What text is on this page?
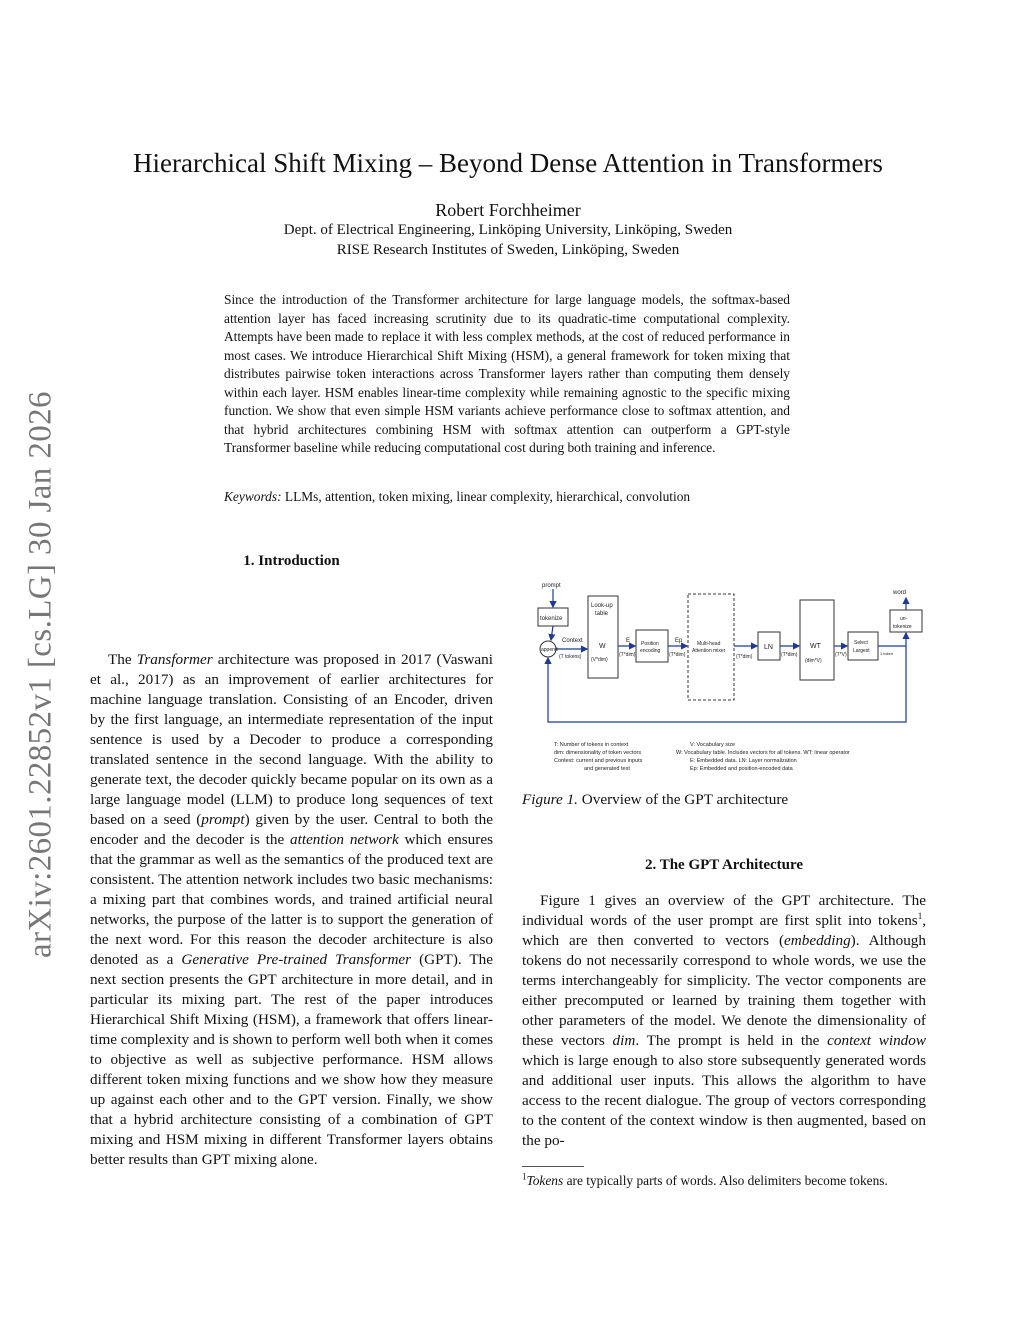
arXiv:2601.22852v1 [cs.LG] 30 Jan 2026
Hierarchical Shift Mixing – Beyond Dense Attention in Transformers
Robert Forchheimer
Dept. of Electrical Engineering, Linköping University, Linköping, Sweden
RISE Research Institutes of Sweden, Linköping, Sweden
Since the introduction of the Transformer architecture for large language models, the softmax-based attention layer has faced increasing scrutinity due to its quadratic-time computational complexity. Attempts have been made to replace it with less complex methods, at the cost of reduced performance in most cases. We introduce Hierarchical Shift Mixing (HSM), a general framework for token mixing that distributes pairwise token interactions across Transformer layers rather than computing them densely within each layer. HSM enables linear-time complexity while remaining agnostic to the specific mixing function. We show that even simple HSM variants achieve performance close to softmax attention, and that hybrid architectures combining HSM with softmax attention can outperform a GPT-style Transformer baseline while reducing computational cost during both training and inference.
Keywords: LLMs, attention, token mixing, linear complexity, hierarchical, convolution
1. Introduction

The Transformer architecture was proposed in 2017 (Vaswani et al., 2017) as an improvement of earlier architectures for machine language translation. Consisting of an Encoder, driven by the first language, an intermediate representation of the input sentence is used by a Decoder to produce a corresponding translated sentence in the second language. With the ability to generate text, the decoder quickly became popular on its own as a large language model (LLM) to produce long sequences of text based on a seed (prompt) given by the user. Central to both the encoder and the decoder is the attention network which ensures that the grammar as well as the semantics of the produced text are consistent. The attention network includes two basic mechanisms: a mixing part that combines words, and trained artificial neural networks, the purpose of the latter is to support the generation of the next word. For this reason the decoder architecture is also denoted as a Generative Pre-trained Transformer (GPT). The next section presents the GPT architecture in more detail, and in particular its mixing part. The rest of the paper introduces Hierarchical Shift Mixing (HSM), a framework that offers linear-time complexity and is shown to perform well both when it comes to objective as well as subjective performance. HSM allows different token mixing functions and we show how they measure up against each other and to the GPT version. Finally, we show that a hybrid architecture consisting of a combination of GPT mixing and HSM mixing in different Transformer layers obtains better results than GPT mixing alone.

prompt
tokenize
Context
append
(T tokens)
Look-up
table
W
(V*dim)
E
(T*dim)
Position
encoding
Ep
(T*dim)
Multi-head
Attention mixer
(T*dim)
LN
(T*dim)
WT
(dim*V)
(T*V)
Select
Largest	1 token
word
un-
tokenize
T: Number of tokens in context
dim: dimensionality of token vectors
Context: current and previous inputs
and generated text
V: Vocabulary size
W: Vocabulary table. Includes vectors for all tokens. WT: linear operator
E: Embedded data. LN: Layer normalization
Ep: Embedded and position-encoded data
Figure 1. Overview of the GPT architecture
2. The GPT Architecture

Figure 1 gives an overview of the GPT architecture. The individual words of the user prompt are first split into tokens$^1$, which are then converted to vectors (embedding). Although tokens do not necessarily correspond to whole words, we use the terms interchangeably for simplicity. The vector components are either precomputed or learned by training them together with other parameters of the model. We denote the dimensionality of these vectors dim. The prompt is held in the context window which is large enough to also store subsequently generated words and additional user inputs. This allows the algorithm to have access to the recent dialogue. The group of vectors corresponding to the content of the context window is then augmented, based on the po-

$^1$Tokens are typically parts of words. Also delimiters become tokens.
